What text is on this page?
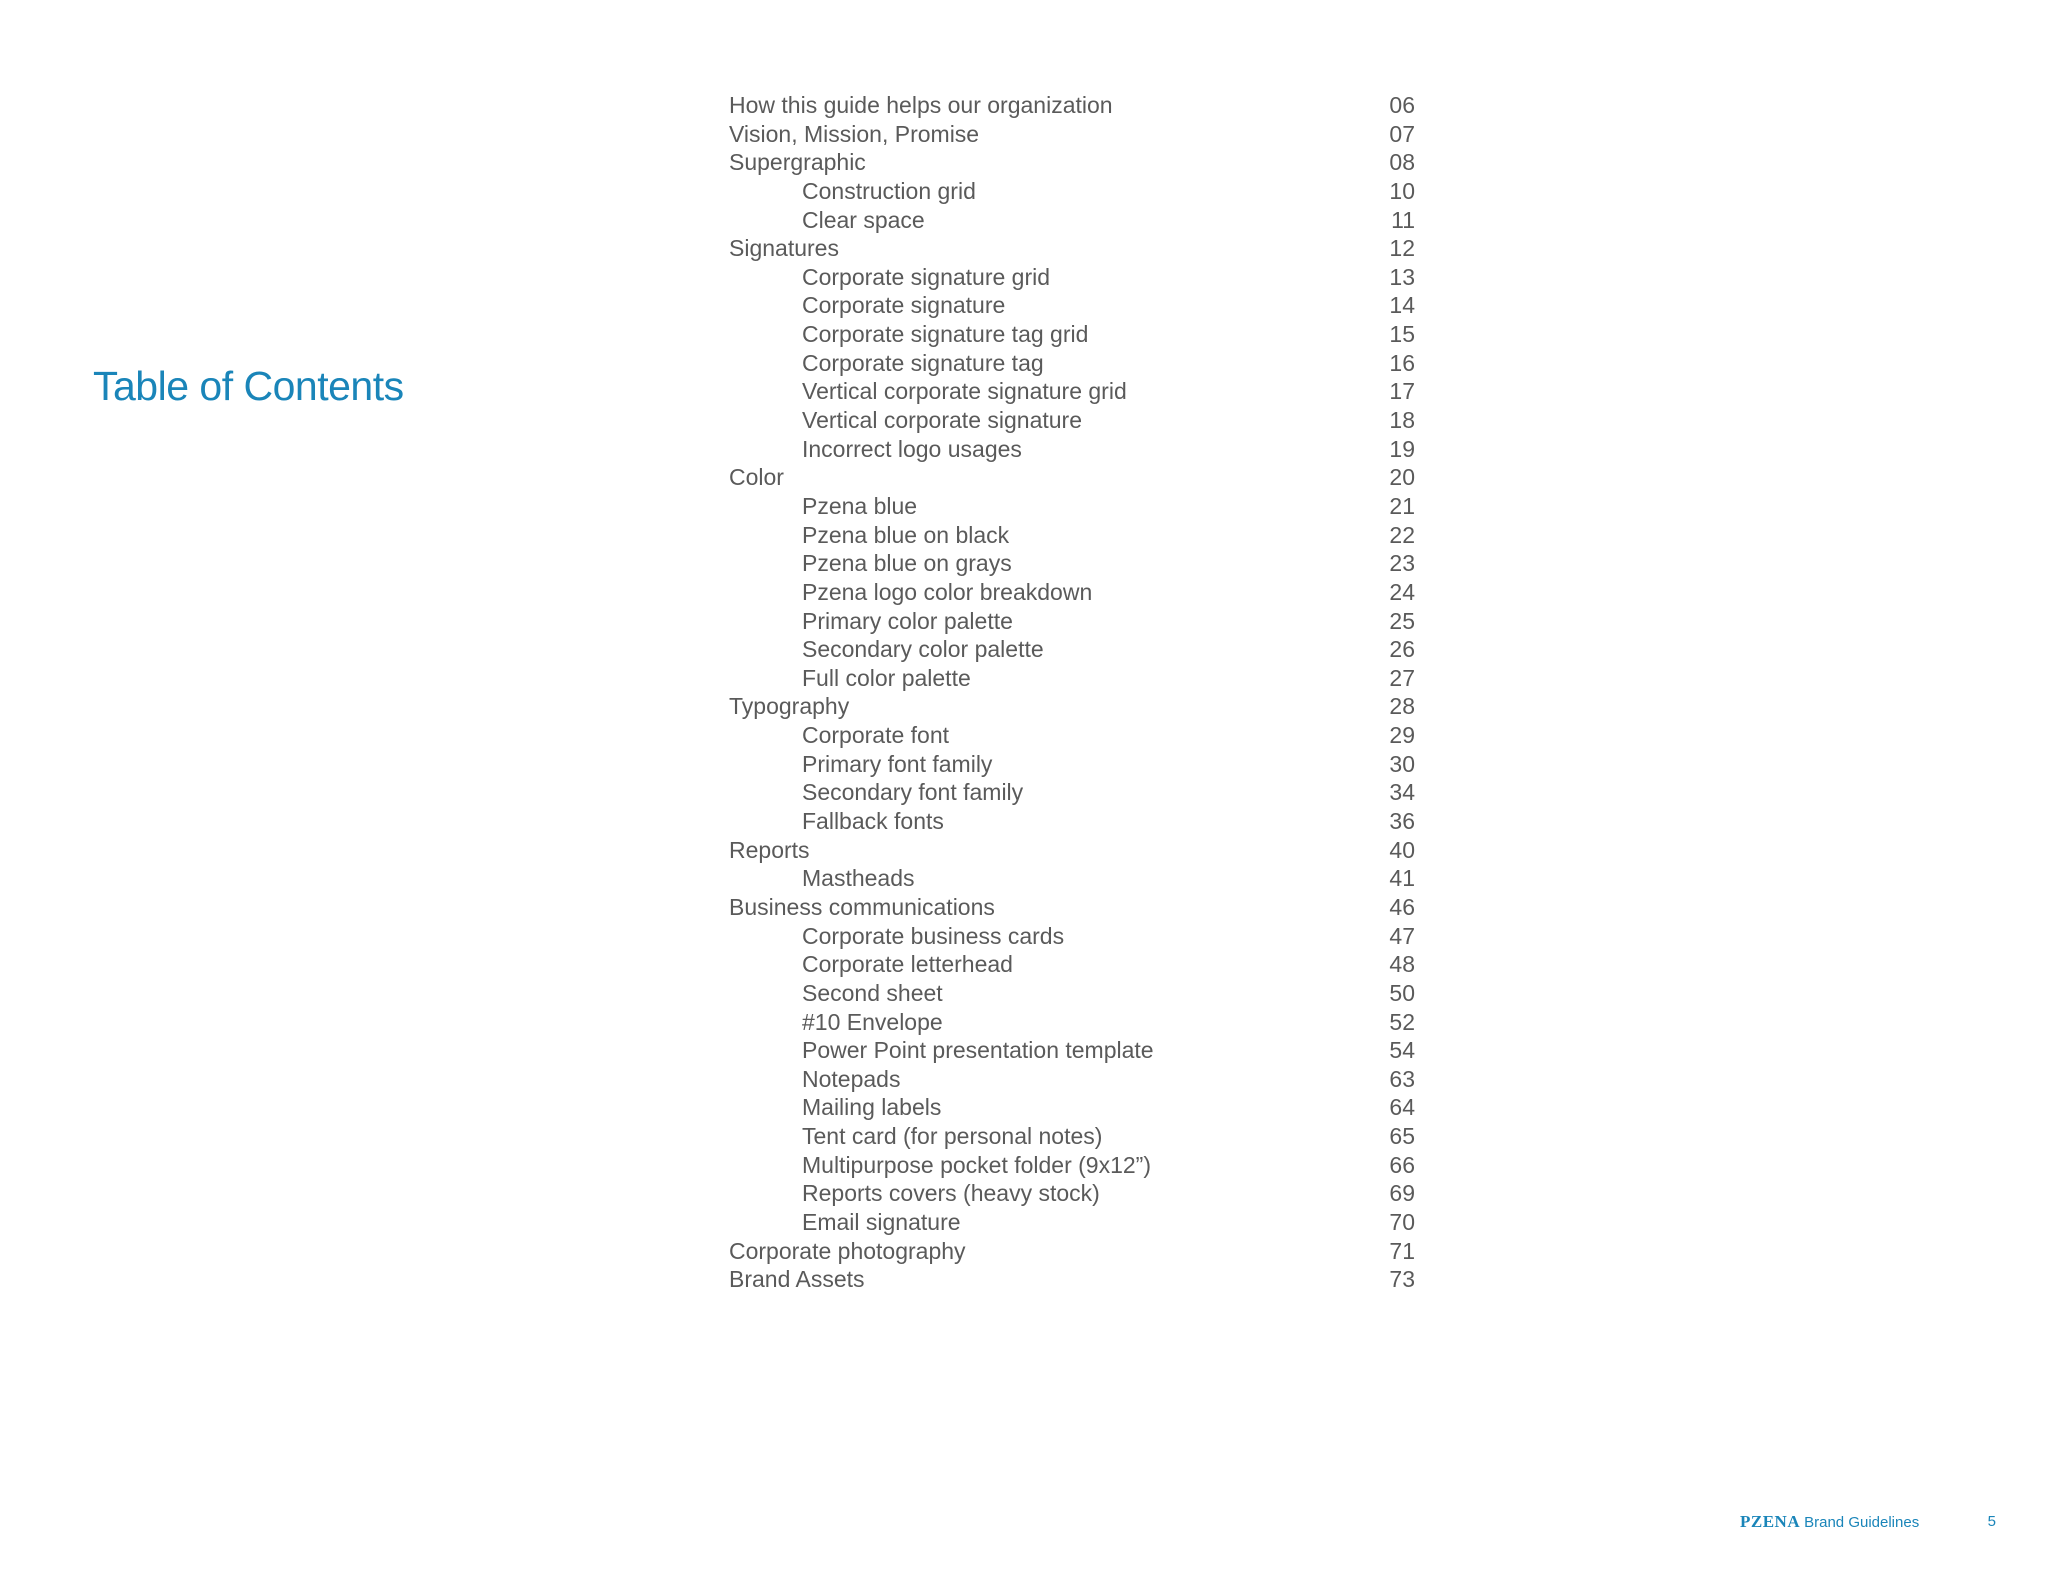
Table of Contents
How this guide helps our organization	06
Vision, Mission, Promise	07
Supergraphic	08
Construction grid	10
Clear space	11
Signatures	12
Corporate signature grid	13
Corporate signature	14
Corporate signature tag grid	15
Corporate signature tag	16
Vertical corporate signature grid	17
Vertical corporate signature	18
Incorrect logo usages	19
Color	20
Pzena blue	21
Pzena blue on black	22
Pzena blue on grays	23
Pzena logo color breakdown	24
Primary color palette	25
Secondary color palette	26
Full color palette	27
Typography	28
Corporate font	29
Primary font family	30
Secondary font family	34
Fallback fonts	36
Reports	40
Mastheads	41
Business communications	46
Corporate business cards	47
Corporate letterhead	48
Second sheet	50
#10 Envelope	52
Power Point presentation template	54
Notepads	63
Mailing labels	64
Tent card (for personal notes)	65
Multipurpose pocket folder (9x12”)	66
Reports covers (heavy stock)	69
Email signature	70
Corporate photography	71
Brand Assets	73
PZENA Brand Guidelines	5
